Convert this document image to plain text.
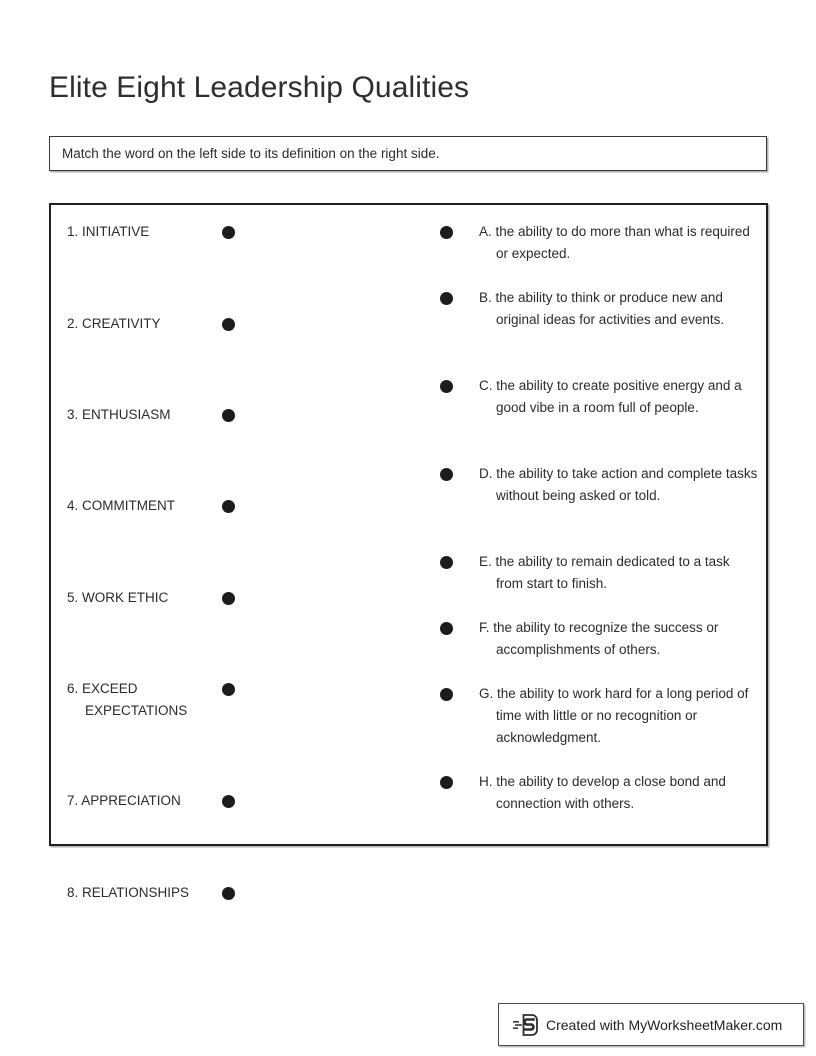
Elite Eight Leadership Qualities
Match the word on the left side to its definition on the right side.
1. INITIATIVE
2. CREATIVITY
3. ENTHUSIASM
4. COMMITMENT
5. WORK ETHIC
6. EXCEED EXPECTATIONS
7. APPRECIATION
8. RELATIONSHIPS
A. the ability to do more than what is required or expected.
B. the ability to think or produce new and original ideas for activities and events.
C. the ability to create positive energy and a good vibe in a room full of people.
D. the ability to take action and complete tasks without being asked or told.
E. the ability to remain dedicated to a task from start to finish.
F. the ability to recognize the success or accomplishments of others.
G. the ability to work hard for a long period of time with little or no recognition or acknowledgment.
H. the ability to develop a close bond and connection with others.
Created with MyWorksheetMaker.com
